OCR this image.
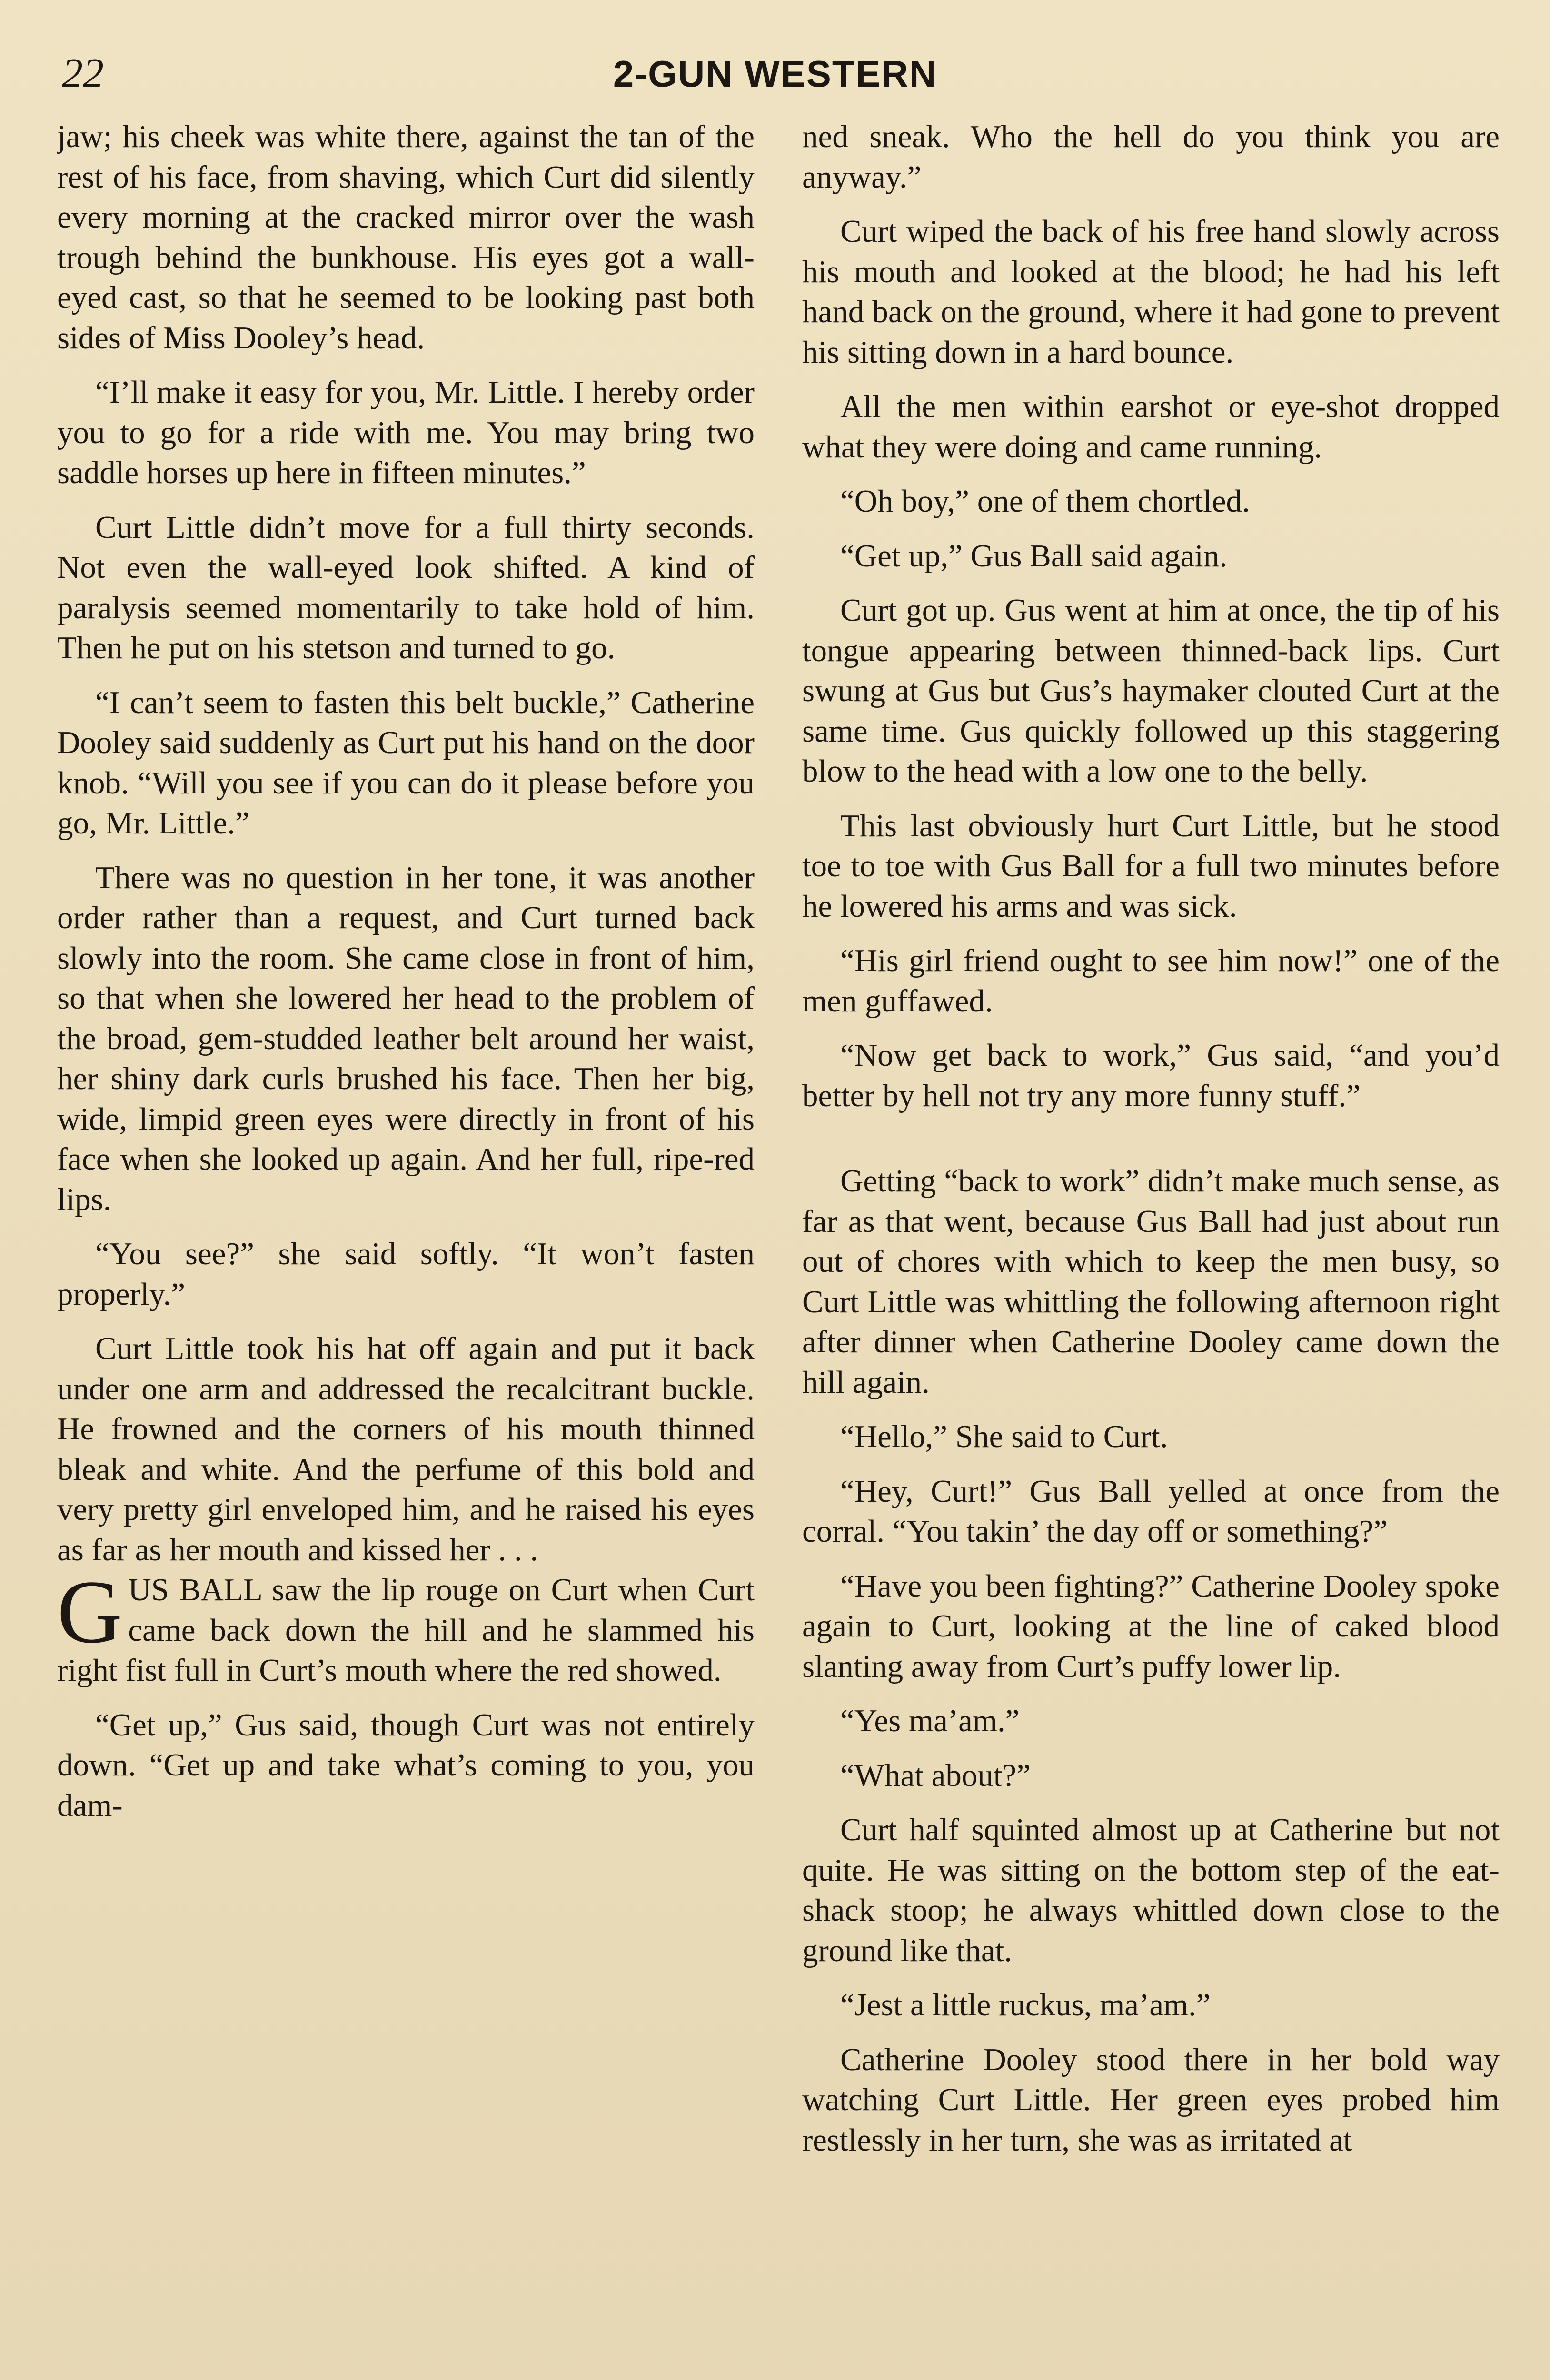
22	2-GUN WESTERN

jaw; his cheek was white there, against the tan of the rest of his face, from shaving, which Curt did silently every morning at the cracked mirror over the wash trough behind the bunkhouse. His eyes got a wall-eyed cast, so that he seemed to be looking past both sides of Miss Dooley’s head.

“I’ll make it easy for you, Mr. Little. I hereby order you to go for a ride with me. You may bring two saddle horses up here in fifteen minutes.”

Curt Little didn’t move for a full thirty seconds. Not even the wall-eyed look shifted. A kind of paralysis seemed momentarily to take hold of him. Then he put on his stetson and turned to go.

“I can’t seem to fasten this belt buckle,” Catherine Dooley said suddenly as Curt put his hand on the door knob. “Will you see if you can do it please before you go, Mr. Little.”

There was no question in her tone, it was another order rather than a request, and Curt turned back slowly into the room. She came close in front of him, so that when she lowered her head to the problem of the broad, gem-studded leather belt around her waist, her shiny dark curls brushed his face. Then her big, wide, limpid green eyes were directly in front of his face when she looked up again. And her full, ripe-red lips.

“You see?” she said softly. “It won’t fasten properly.”

Curt Little took his hat off again and put it back under one arm and addressed the recalcitrant buckle. He frowned and the corners of his mouth thinned bleak and white. And the perfume of this bold and very pretty girl enveloped him, and he raised his eyes as far as her mouth and kissed her . . .

GUS BALL saw the lip rouge on Curt when Curt came back down the hill and he slammed his right fist full in Curt’s mouth where the red showed.

“Get up,” Gus said, though Curt was not entirely down. “Get up and take what’s coming to you, you dam-

ned sneak. Who the hell do you think you are anyway.”

Curt wiped the back of his free hand slowly across his mouth and looked at the blood; he had his left hand back on the ground, where it had gone to prevent his sitting down in a hard bounce.

All the men within earshot or eye-shot dropped what they were doing and came running.

“Oh boy,” one of them chortled.

“Get up,” Gus Ball said again.

Curt got up. Gus went at him at once, the tip of his tongue appearing between thinned-back lips. Curt swung at Gus but Gus’s haymaker clouted Curt at the same time. Gus quickly followed up this staggering blow to the head with a low one to the belly.

This last obviously hurt Curt Little, but he stood toe to toe with Gus Ball for a full two minutes before he lowered his arms and was sick.

“His girl friend ought to see him now!” one of the men guffawed.

“Now get back to work,” Gus said, “and you’d better by hell not try any more funny stuff.”

Getting “back to work” didn’t make much sense, as far as that went, because Gus Ball had just about run out of chores with which to keep the men busy, so Curt Little was whittling the following afternoon right after dinner when Catherine Dooley came down the hill again.

“Hello,” She said to Curt.

“Hey, Curt!” Gus Ball yelled at once from the corral. “You takin’ the day off or something?”

“Have you been fighting?” Catherine Dooley spoke again to Curt, looking at the line of caked blood slanting away from Curt’s puffy lower lip.

“Yes ma’am.”

“What about?”

Curt half squinted almost up at Catherine but not quite. He was sitting on the bottom step of the eat-shack stoop; he always whittled down close to the ground like that.

“Jest a little ruckus, ma’am.”

Catherine Dooley stood there in her bold way watching Curt Little. Her green eyes probed him restlessly in her turn, she was as irritated at
